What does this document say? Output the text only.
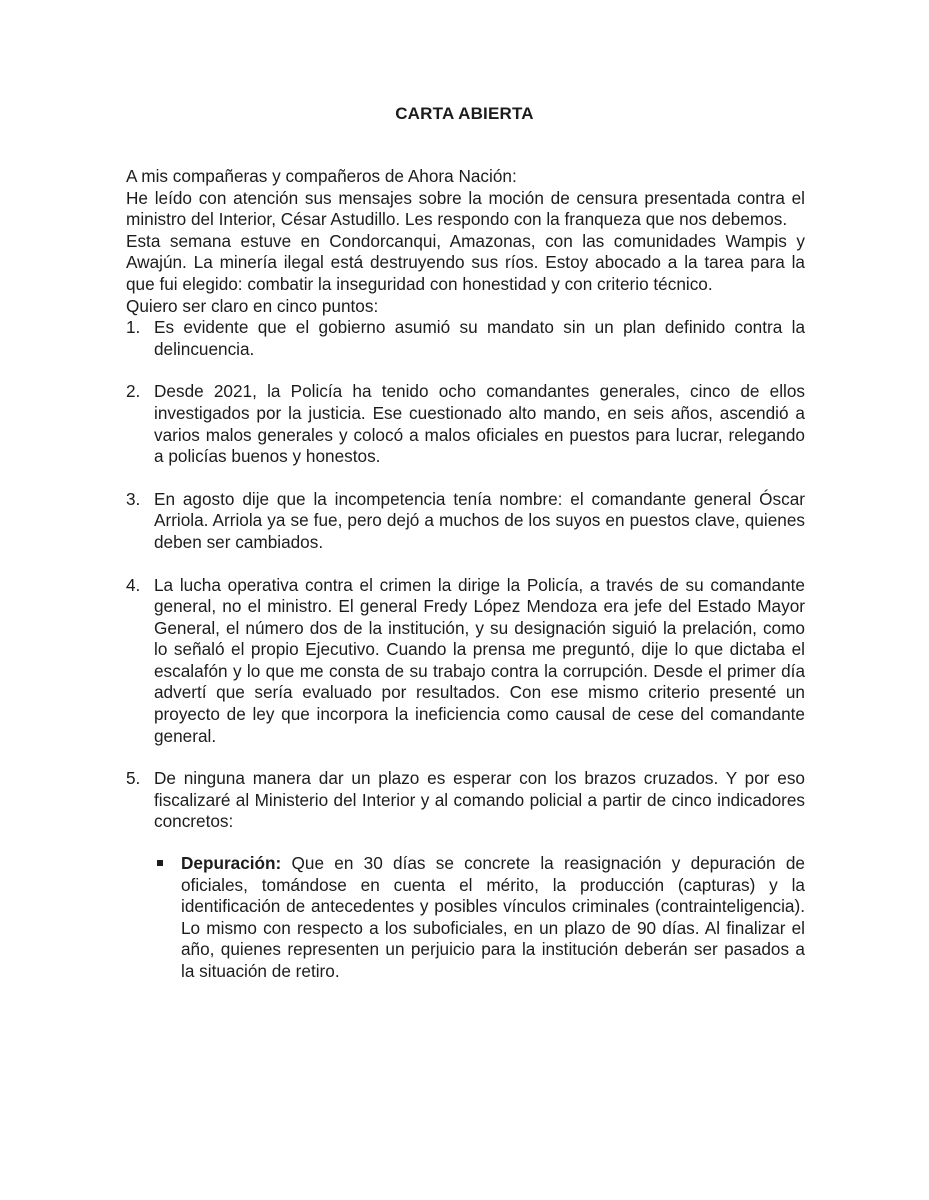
CARTA ABIERTA

A mis compañeras y compañeros de Ahora Nación:

He leído con atención sus mensajes sobre la moción de censura presentada contra el ministro del Interior, César Astudillo. Les respondo con la franqueza que nos debemos.

Esta semana estuve en Condorcanqui, Amazonas, con las comunidades Wampis y Awajún. La minería ilegal está destruyendo sus ríos. Estoy abocado a la tarea para la que fui elegido: combatir la inseguridad con honestidad y con criterio técnico.

Quiero ser claro en cinco puntos:

1. Es evidente que el gobierno asumió su mandato sin un plan definido contra la delincuencia.
2. Desde 2021, la Policía ha tenido ocho comandantes generales, cinco de ellos investigados por la justicia. Ese cuestionado alto mando, en seis años, ascendió a varios malos generales y colocó a malos oficiales en puestos para lucrar, relegando a policías buenos y honestos.
3. En agosto dije que la incompetencia tenía nombre: el comandante general Óscar Arriola. Arriola ya se fue, pero dejó a muchos de los suyos en puestos clave, quienes deben ser cambiados.
4. La lucha operativa contra el crimen la dirige la Policía, a través de su comandante general, no el ministro. El general Fredy López Mendoza era jefe del Estado Mayor General, el número dos de la institución, y su designación siguió la prelación, como lo señaló el propio Ejecutivo. Cuando la prensa me preguntó, dije lo que dictaba el escalafón y lo que me consta de su trabajo contra la corrupción. Desde el primer día advertí que sería evaluado por resultados. Con ese mismo criterio presenté un proyecto de ley que incorpora la ineficiencia como causal de cese del comandante general.
5. De ninguna manera dar un plazo es esperar con los brazos cruzados. Y por eso fiscalizaré al Ministerio del Interior y al comando policial a partir de cinco indicadores concretos:
Depuración: Que en 30 días se concrete la reasignación y depuración de oficiales, tomándose en cuenta el mérito, la producción (capturas) y la identificación de antecedentes y posibles vínculos criminales (contrainteligencia). Lo mismo con respecto a los suboficiales, en un plazo de 90 días. Al finalizar el año, quienes representen un perjuicio para la institución deberán ser pasados a la situación de retiro.
